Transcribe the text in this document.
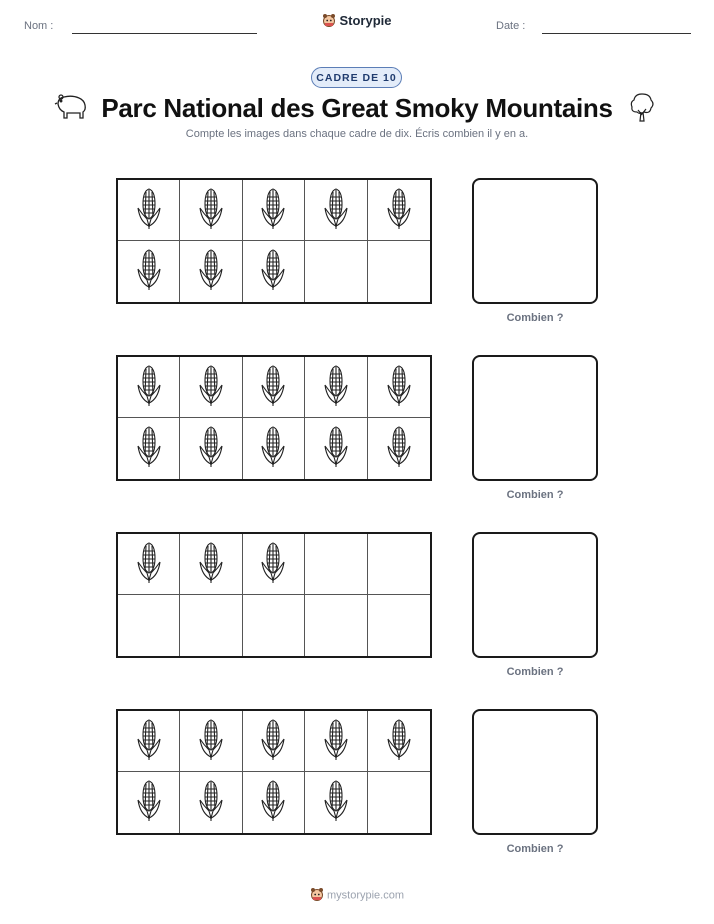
Nom :	Storypie	Date :
CADRE DE 10
Parc National des Great Smoky Mountains
Compte les images dans chaque cadre de dix. Écris combien il y en a.
Combien ?
Combien ?
Combien ?
Combien ?
mystorypie.com
